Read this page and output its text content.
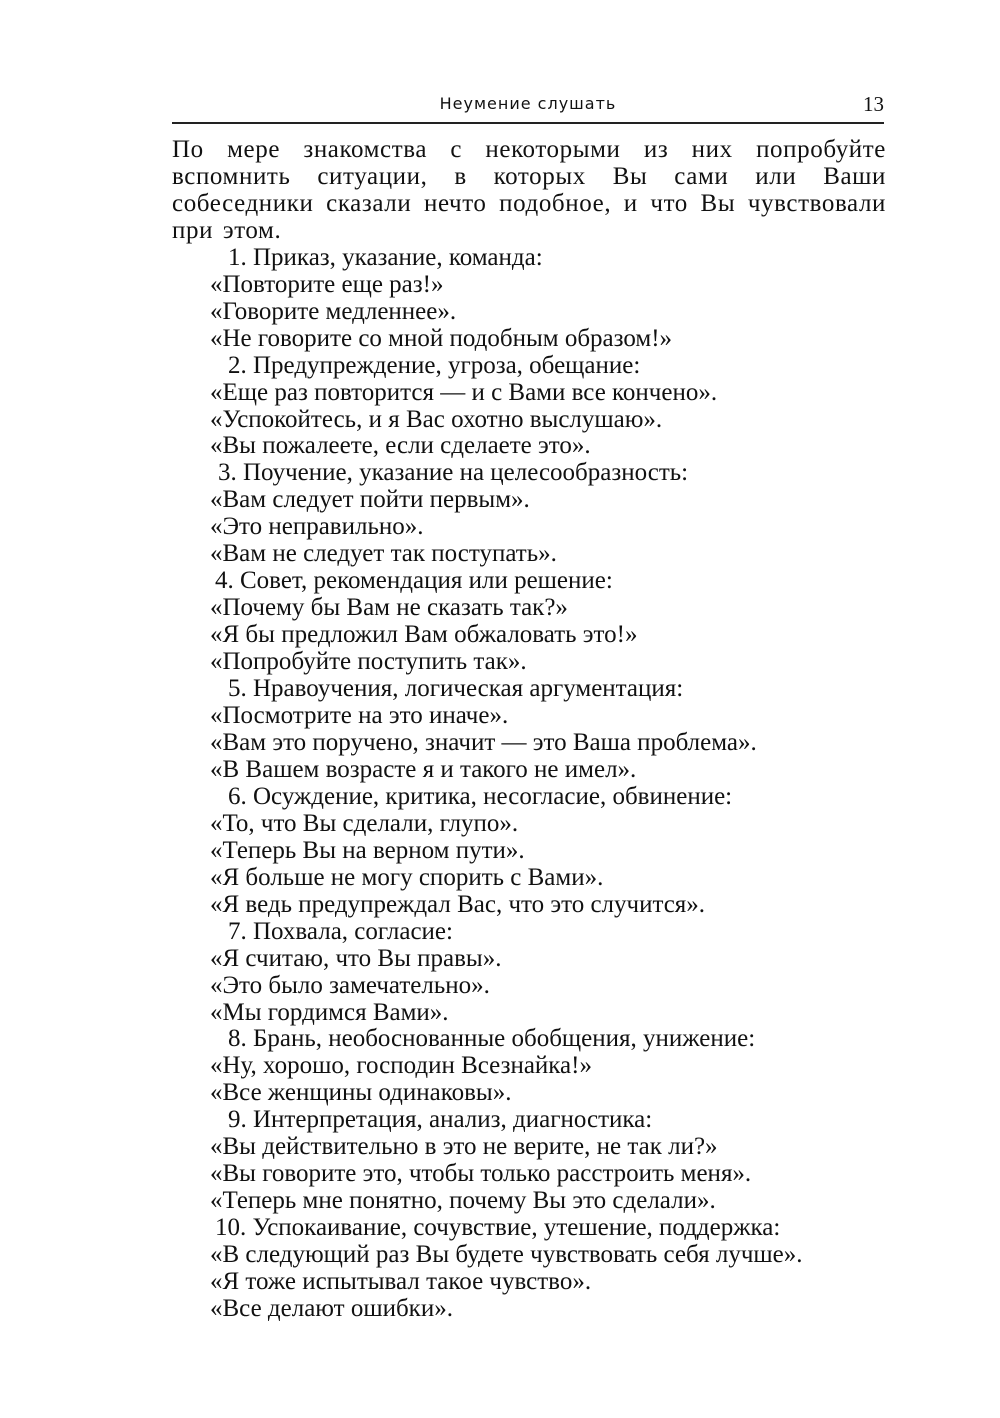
Неумение слушать	13
По мере знакомства с некоторыми из них попробуйте вспомнить ситуации, в которых Вы сами или Ваши собеседники сказали нечто подобное, и что Вы чувствовали при этом.
1. Приказ, указание, команда:
«Повторите еще раз!»
«Говорите медленнее».
«Не говорите со мной подобным образом!»
2. Предупреждение, угроза, обещание:
«Еще раз повторится — и с Вами все кончено».
«Успокойтесь, и я Вас охотно выслушаю».
«Вы пожалеете, если сделаете это».
3. Поучение, указание на целесообразность:
«Вам следует пойти первым».
«Это неправильно».
«Вам не следует так поступать».
4. Совет, рекомендация или решение:
«Почему бы Вам не сказать так?»
«Я бы предложил Вам обжаловать это!»
«Попробуйте поступить так».
5. Нравоучения, логическая аргументация:
«Посмотрите на это иначе».
«Вам это поручено, значит — это Ваша проблема».
«В Вашем возрасте я и такого не имел».
6. Осуждение, критика, несогласие, обвинение:
«То, что Вы сделали, глупо».
«Теперь Вы на верном пути».
«Я больше не могу спорить с Вами».
«Я ведь предупреждал Вас, что это случится».
7. Похвала, согласие:
«Я считаю, что Вы правы».
«Это было замечательно».
«Мы гордимся Вами».
8. Брань, необоснованные обобщения, унижение:
«Ну, хорошо, господин Всезнайка!»
«Все женщины одинаковы».
9. Интерпретация, анализ, диагностика:
«Вы действительно в это не верите, не так ли?»
«Вы говорите это, чтобы только расстроить меня».
«Теперь мне понятно, почему Вы это сделали».
10. Успокаивание, сочувствие, утешение, поддержка:
«В следующий раз Вы будете чувствовать себя лучше».
«Я тоже испытывал такое чувство».
«Все делают ошибки».
